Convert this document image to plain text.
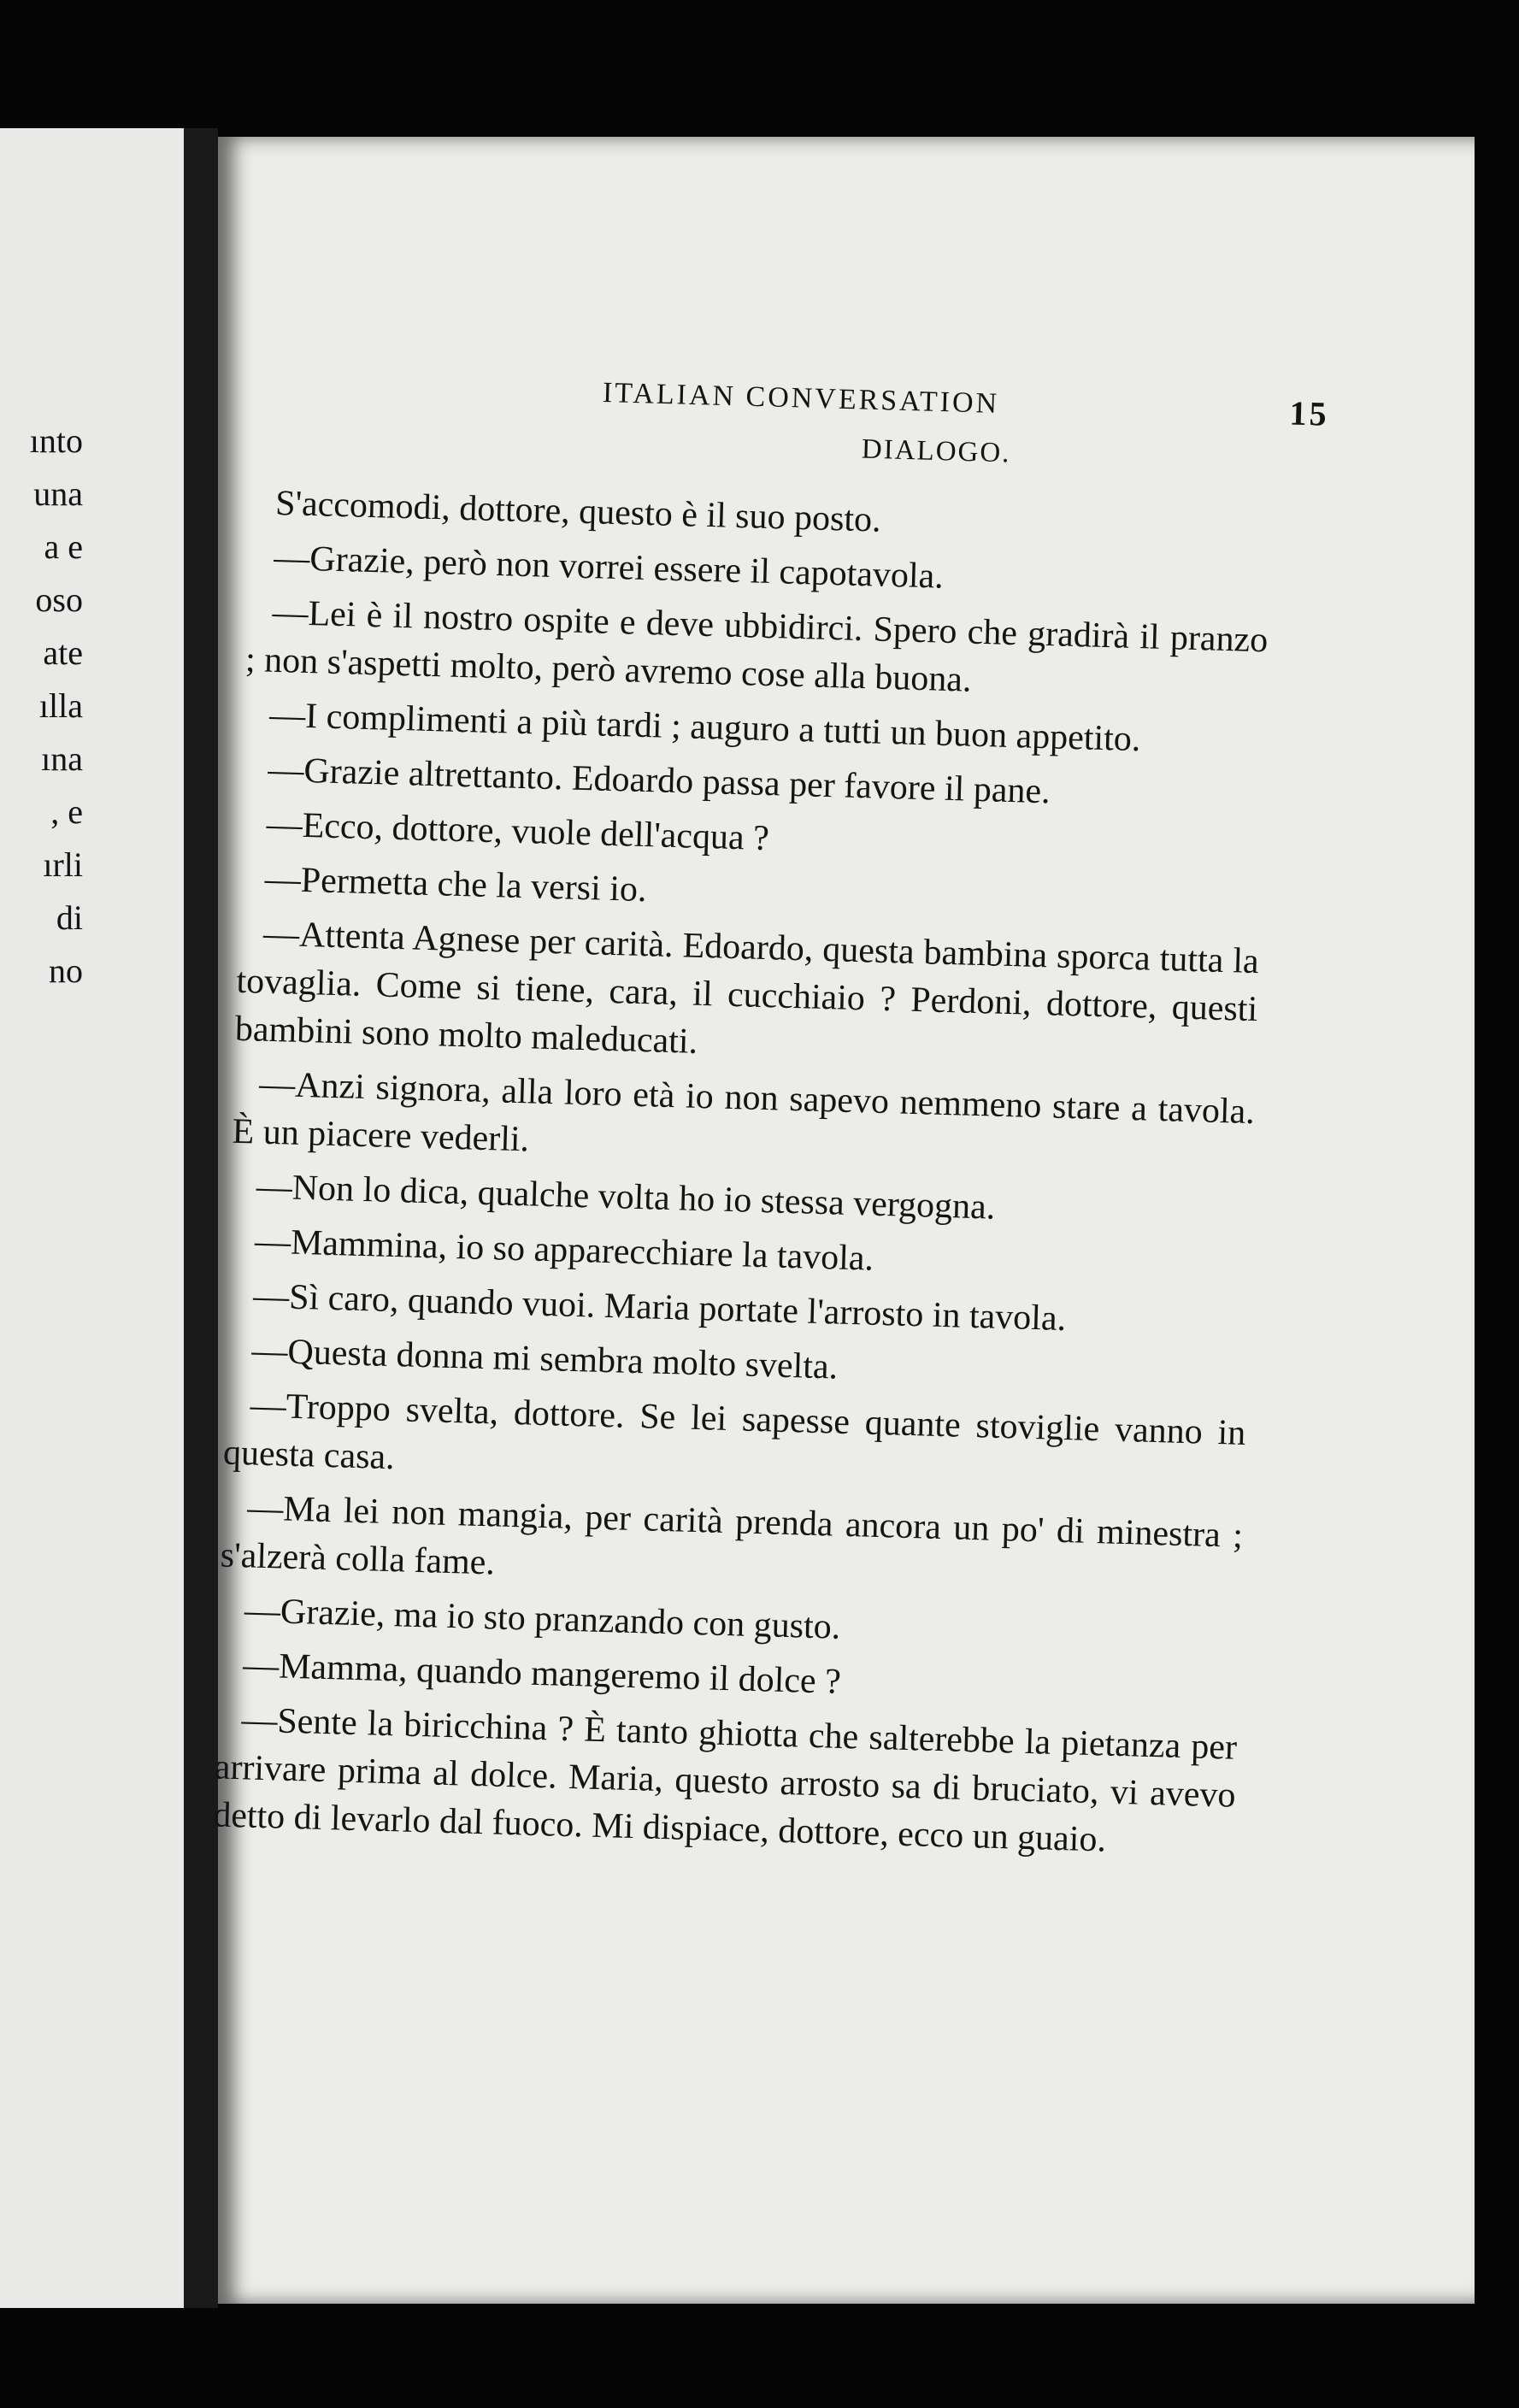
ınto
una
a e
oso
ate
ılla
ına
, e
ırli
di
no
ITALIAN CONVERSATION	15
DIALOGO.

S'accomodi, dottore, questo è il suo posto.

—Grazie, però non vorrei essere il capotavola.

—Lei è il nostro ospite e deve ubbidirci. Spero che gradirà il pranzo ; non s'aspetti molto, però avremo cose alla buona.

—I complimenti a più tardi ; auguro a tutti un buon appetito.

—Grazie altrettanto. Edoardo passa per favore il pane.

—Ecco, dottore, vuole dell'acqua ?

—Permetta che la versi io.

—Attenta Agnese per carità. Edoardo, questa bambina sporca tutta la tovaglia. Come si tiene, cara, il cucchiaio ? Perdoni, dottore, questi bambini sono molto maleducati.

—Anzi signora, alla loro età io non sapevo nemmeno stare a tavola. È un piacere vederli.

—Non lo dica, qualche volta ho io stessa vergogna.

—Mammina, io so apparecchiare la tavola.

—Sì caro, quando vuoi. Maria portate l'arrosto in tavola.

—Questa donna mi sembra molto svelta.

—Troppo svelta, dottore. Se lei sapesse quante stoviglie vanno in questa casa.

—Ma lei non mangia, per carità prenda ancora un po' di minestra ; s'alzerà colla fame.

—Grazie, ma io sto pranzando con gusto.

—Mamma, quando mangeremo il dolce ?

—Sente la biricchina ? È tanto ghiotta che salterebbe la pietanza per arrivare prima al dolce. Maria, questo arrosto sa di bruciato, vi avevo detto di levarlo dal fuoco. Mi dispiace, dottore, ecco un guaio.
